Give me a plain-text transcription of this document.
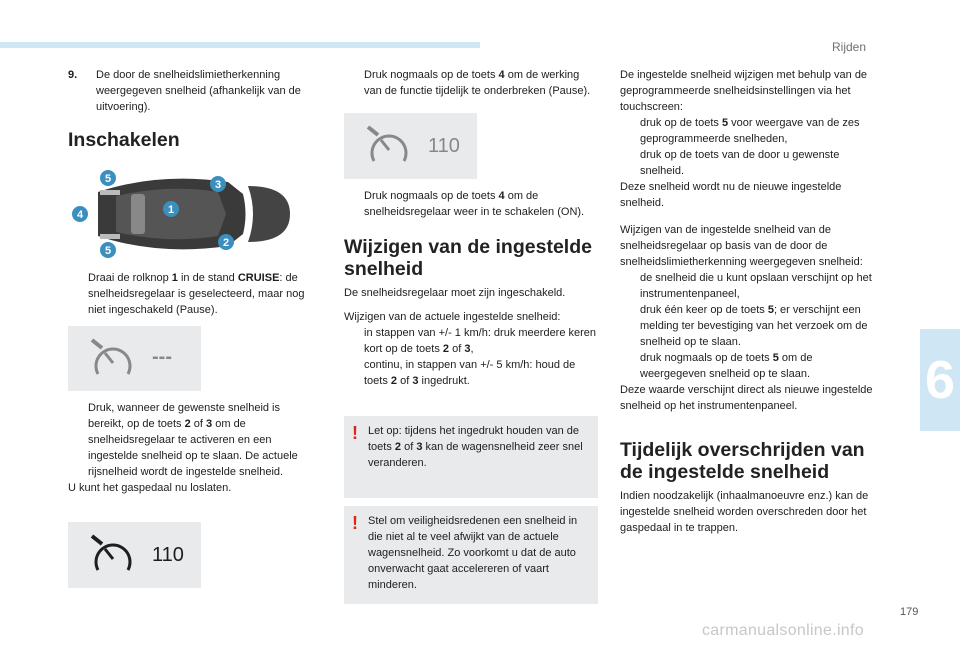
Rijden
6
179
carmanualsonline.info

9. De door de snelheidslimietherkenning weergegeven snelheid (afhankelijk van de uitvoering).

Inschakelen
5	3
4	1
2
5

Draai de rolknop 1 in de stand CRUISE: de snelheidsregelaar is geselecteerd, maar nog niet ingeschakeld (Pause).

---

Druk, wanneer de gewenste snelheid is bereikt, op de toets 2 of 3 om de snelheidsregelaar te activeren en een ingestelde snelheid op te slaan. De actuele rijsnelheid wordt de ingestelde snelheid.

U kunt het gaspedaal nu loslaten.

110

Druk nogmaals op de toets 4 om de werking van de functie tijdelijk te onderbreken (Pause).

110

Druk nogmaals op de toets 4 om de snelheidsregelaar weer in te schakelen (ON).

Wijzigen van de ingestelde snelheid

De snelheidsregelaar moet zijn ingeschakeld.

Wijzigen van de actuele ingestelde snelheid:

in stappen van +/- 1 km/h: druk meerdere keren kort op de toets 2 of 3,

continu, in stappen van +/- 5 km/h: houd de toets 2 of 3 ingedrukt.

! Let op: tijdens het ingedrukt houden van de toets 2 of 3 kan de wagensnelheid zeer snel veranderen.
! Stel om veiligheidsredenen een snelheid in die niet al te veel afwijkt van de actuele wagensnelheid. Zo voorkomt u dat de auto onverwacht gaat accelereren of vaart minderen.

De ingestelde snelheid wijzigen met behulp van de geprogrammeerde snelheidsinstellingen via het touchscreen:

druk op de toets 5 voor weergave van de zes geprogrammeerde snelheden,

druk op de toets van de door u gewenste snelheid.

Deze snelheid wordt nu de nieuwe ingestelde snelheid.

Wijzigen van de ingestelde snelheid van de snelheidsregelaar op basis van de door de snelheidslimietherkenning weergegeven snelheid:

de snelheid die u kunt opslaan verschijnt op het instrumentenpaneel,

druk één keer op de toets 5; er verschijnt een melding ter bevestiging van het verzoek om de snelheid op te slaan.

druk nogmaals op de toets 5 om de weergegeven snelheid op te slaan.

Deze waarde verschijnt direct als nieuwe ingestelde snelheid op het instrumentenpaneel.

Tijdelijk overschrijden van de ingestelde snelheid

Indien noodzakelijk (inhaalmanoeuvre enz.) kan de ingestelde snelheid worden overschreden door het gaspedaal in te trappen.
